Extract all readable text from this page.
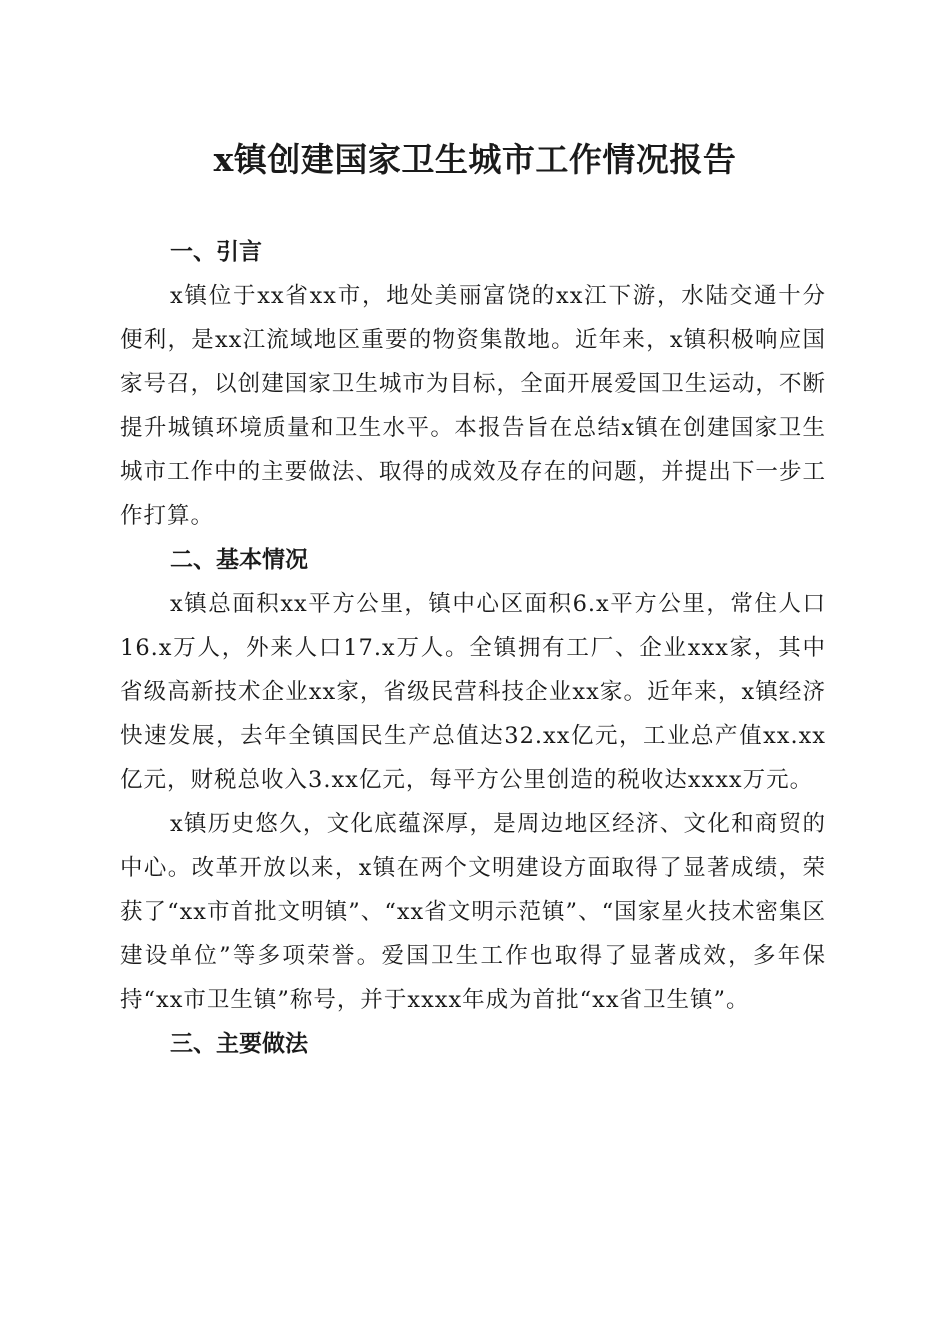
x镇创建国家卫生城市工作情况报告
一、引言

x镇位于xx省xx市，地处美丽富饶的xx江下游，水陆交通十分便利，是xx江流域地区重要的物资集散地。近年来，x镇积极响应国家号召，以创建国家卫生城市为目标，全面开展爱国卫生运动，不断提升城镇环境质量和卫生水平。本报告旨在总结x镇在创建国家卫生城市工作中的主要做法、取得的成效及存在的问题，并提出下一步工作打算。

二、基本情况

x镇总面积xx平方公里，镇中心区面积6.x平方公里，常住人口16.x万人，外来人口17.x万人。全镇拥有工厂、企业xxx家，其中省级高新技术企业xx家，省级民营科技企业xx家。近年来，x镇经济快速发展，去年全镇国民生产总值达32.xx亿元，工业总产值xx.xx亿元，财税总收入3.xx亿元，每平方公里创造的税收达xxxx万元。

x镇历史悠久，文化底蕴深厚，是周边地区经济、文化和商贸的中心。改革开放以来，x镇在两个文明建设方面取得了显著成绩，荣获了“xx市首批文明镇”、“xx省文明示范镇”、“国家星火技术密集区建设单位”等多项荣誉。爱国卫生工作也取得了显著成效，多年保持“xx市卫生镇”称号，并于xxxx年成为首批“xx省卫生镇”。

三、主要做法
